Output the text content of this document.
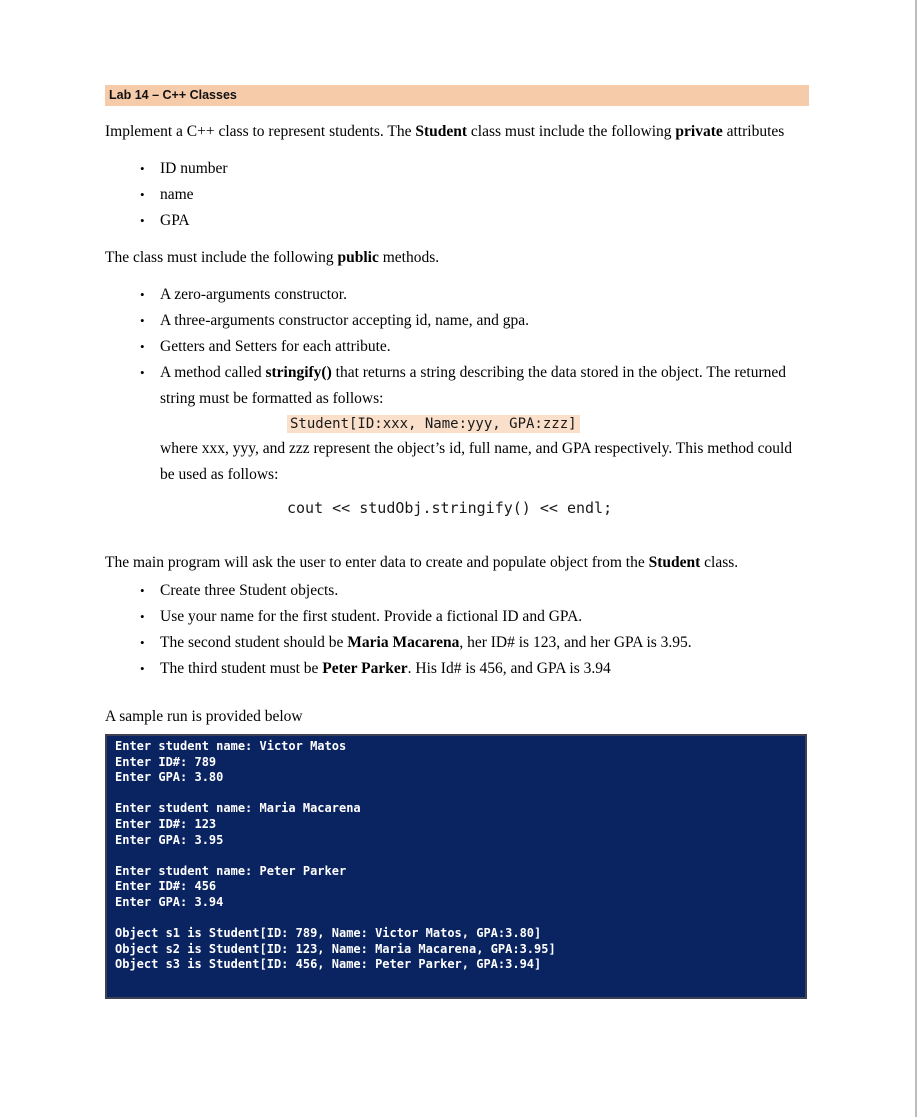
Lab 14 – C++ Classes

Implement a C++ class to represent students. The Student class must include the following private attributes

• ID number
• name
• GPA

The class must include the following public methods.

• A zero-arguments constructor.
• A three-arguments constructor accepting id, name, and gpa.
• Getters and Setters for each attribute.
• A method called stringify() that returns a string describing the data stored in the object. The returned string must be formatted as follows:
Student[ID:xxx, Name:yyy, GPA:zzz]
where xxx, yyy, and zzz represent the object’s id, full name, and GPA respectively. This method could be used as follows:
cout << studObj.stringify() << endl;

The main program will ask the user to enter data to create and populate object from the Student class.

• Create three Student objects.
• Use your name for the first student. Provide a fictional ID and GPA.
• The second student should be Maria Macarena, her ID# is 123, and her GPA is 3.95.
• The third student must be Peter Parker. His Id# is 456, and GPA is 3.94

A sample run is provided below

Enter student name: Victor Matos
Enter ID#: 789
Enter GPA: 3.80
Enter student name: Maria Macarena
Enter ID#: 123
Enter GPA: 3.95
Enter student name: Peter Parker
Enter ID#: 456
Enter GPA: 3.94
Object s1 is Student[ID: 789, Name: Victor Matos, GPA:3.80]
Object s2 is Student[ID: 123, Name: Maria Macarena, GPA:3.95]
Object s3 is Student[ID: 456, Name: Peter Parker, GPA:3.94]
